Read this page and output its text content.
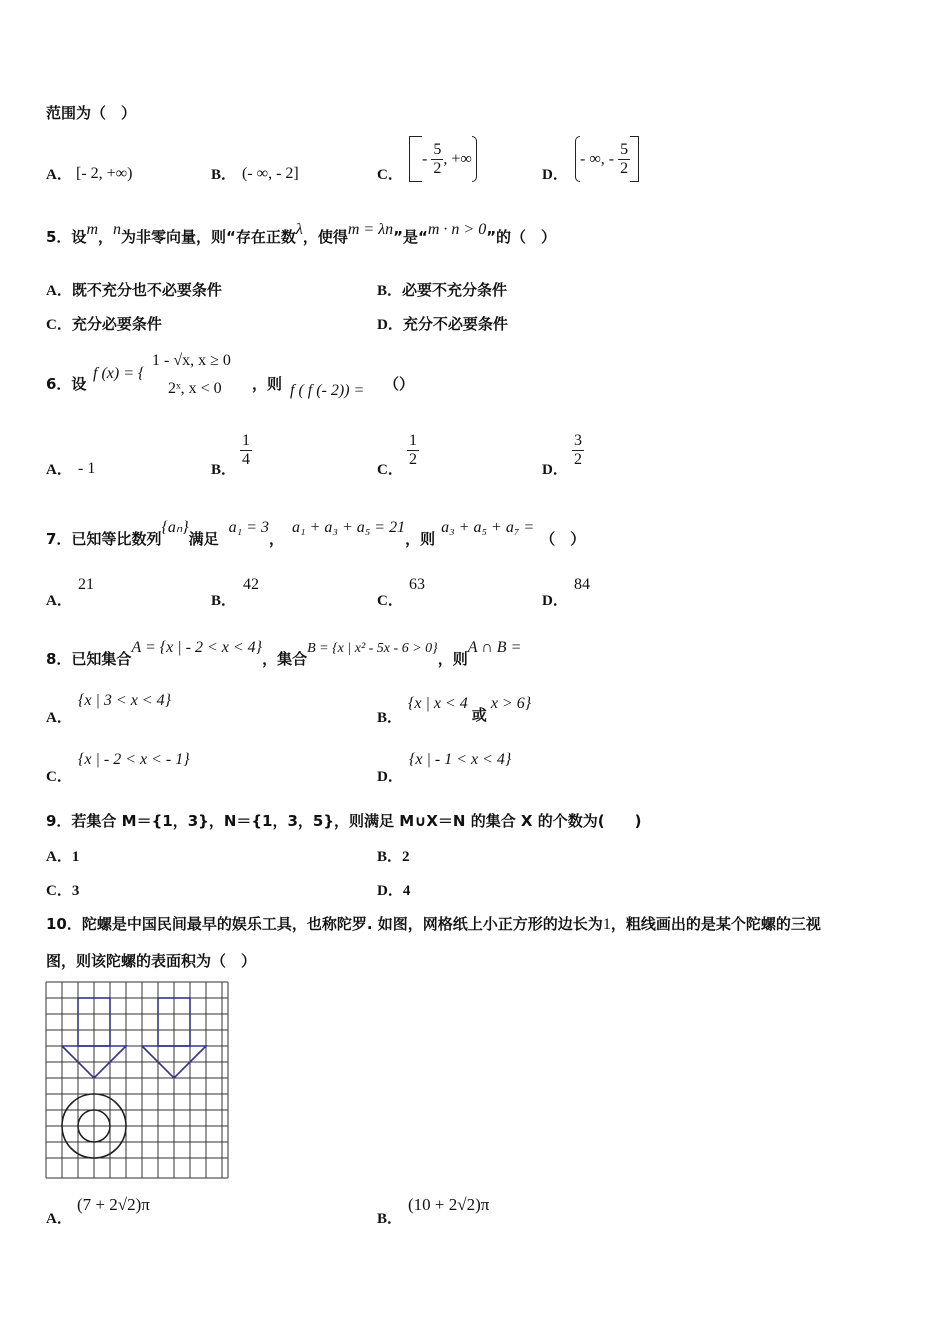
范围为（　）
A． [- 2, +∞)	B． (- ∞, - 2]	C．
- $\frac{5}{2}$ , +∞
D．
- ∞, - $\frac{5}{2}$

5．设m，n为非零向量，则“存在正数λ，使得m = λn”是“m · n > 0”的（　）
A．既不充分也不必要条件	B．必要不充分条件
C．充分必要条件	D．充分不必要条件
6．设
f (x) = {
1 - √x, x ≥ 0
2ˣ, x < 0 ，则 f ( f (- 2)) = （）
A． - 1	B．
$\frac{1}{4}$
C．
$\frac{1}{2}$
D．
$\frac{3}{2}$
7．已知等比数列{aₙ}满足a₁ = 3，a₁ + a₃ + a₅ = 21，则a₃ + a₅ + a₇ =（　）
A．
21
B．
42
C．
63
D．
84
8．已知集合A = {x | - 2 < x < 4}，集合B = {x | x² - 5x - 6 > 0}，则A ∩ B =
A．
{x | 3 < x < 4}
B．
{x | x < 4或x > 6}
C．
{x | - 2 < x < - 1}
D．
{x | - 1 < x < 4}
9．若集合 M＝{1，3}，N＝{1，3，5}，则满足 M∪X＝N 的集合 X 的个数为(　　)
A．1	B．2
C．3	D．4
10．陀螺是中国民间最早的娱乐工具，也称陀罗. 如图，网格纸上小正方形的边长为1，粗线画出的是某个陀螺的三视
图，则该陀螺的表面积为（　）
A．
(7 + 2√2)π
B．
(10 + 2√2)π
